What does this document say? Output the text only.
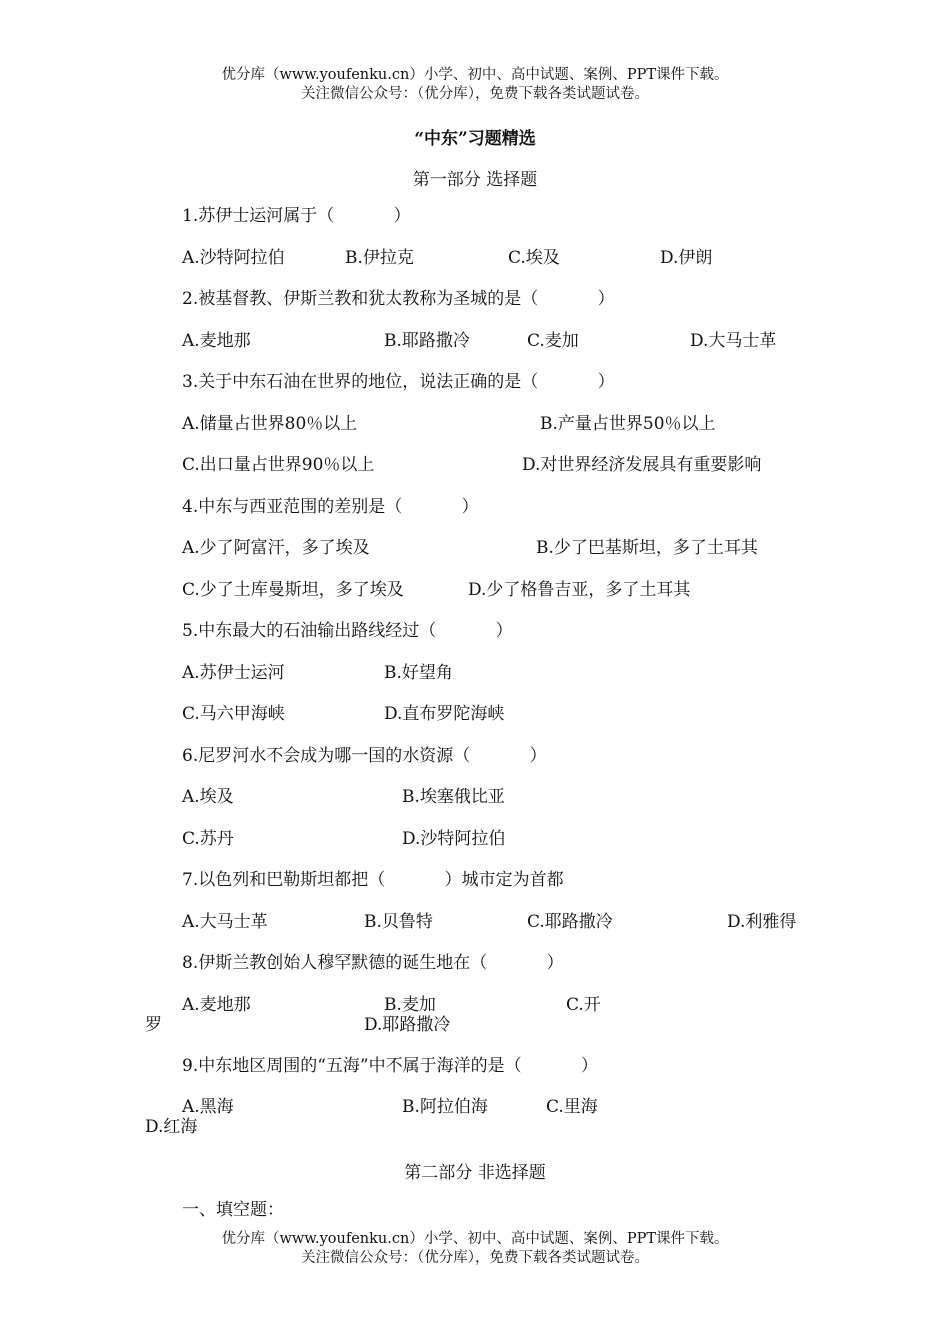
优分库（www.youfenku.cn）小学、初中、高中试题、案例、PPT课件下载。
关注微信公众号：（优分库），免费下载各类试题试卷。
“中东”习题精选
第一部分 选择题
1.苏伊士运河属于（           ）
A.沙特阿拉伯	B.伊拉克	C.埃及	D.伊朗
2.被基督教、伊斯兰教和犹太教称为圣城的是（           ）
A.麦地那	B.耶路撒冷	C.麦加	D.大马士革
3.关于中东石油在世界的地位，说法正确的是（           ）
A.储量占世界80％以上	B.产量占世界50％以上
C.出口量占世界90％以上	D.对世界经济发展具有重要影响
4.中东与西亚范围的差别是（           ）
A.少了阿富汗，多了埃及	B.少了巴基斯坦，多了土耳其
C.少了土库曼斯坦，多了埃及	D.少了格鲁吉亚，多了土耳其
5.中东最大的石油输出路线经过（           ）
A.苏伊士运河	B.好望角
C.马六甲海峡	D.直布罗陀海峡
6.尼罗河水不会成为哪一国的水资源（           ）
A.埃及	B.埃塞俄比亚
C.苏丹	D.沙特阿拉伯
7.以色列和巴勒斯坦都把（           ）城市定为首都
A.大马士革	B.贝鲁特	C.耶路撒冷	D.利雅得
8.伊斯兰教创始人穆罕默德的诞生地在（           ）
A.麦地那	B.麦加	C.开
罗	D.耶路撒冷
9.中东地区周围的“五海”中不属于海洋的是（           ）
A.黑海	B.阿拉伯海	C.里海
D.红海
第二部分 非选择题
一、填空题：
优分库（www.youfenku.cn）小学、初中、高中试题、案例、PPT课件下载。
关注微信公众号：（优分库），免费下载各类试题试卷。
